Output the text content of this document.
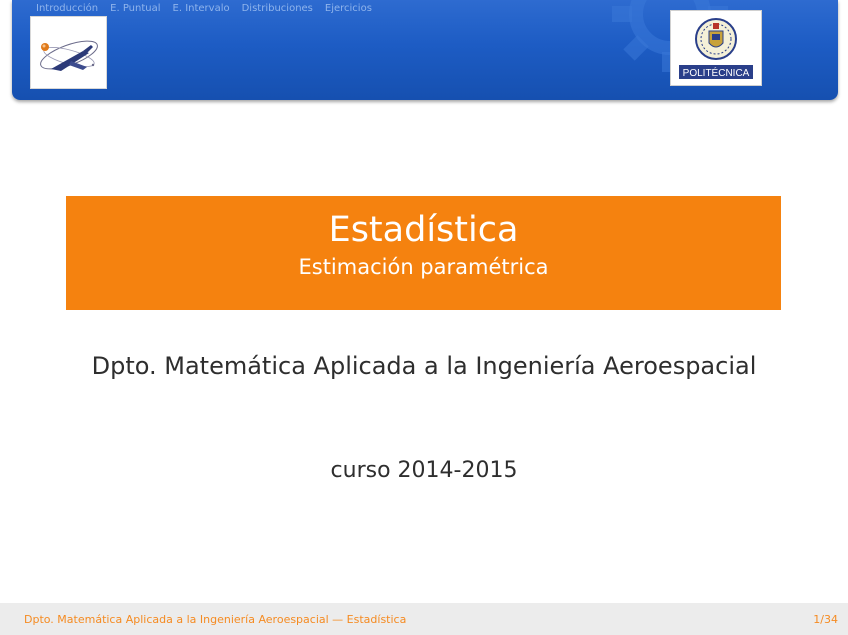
Introducción E. Puntual E. Intervalo Distribuciones Ejercicios
POLITÉCNICA
Estadística
Estimación paramétrica
Dpto. Matemática Aplicada a la Ingeniería Aeroespacial
curso 2014-2015
Dpto. Matemática Aplicada a la Ingeniería Aeroespacial — Estadística	1/34
